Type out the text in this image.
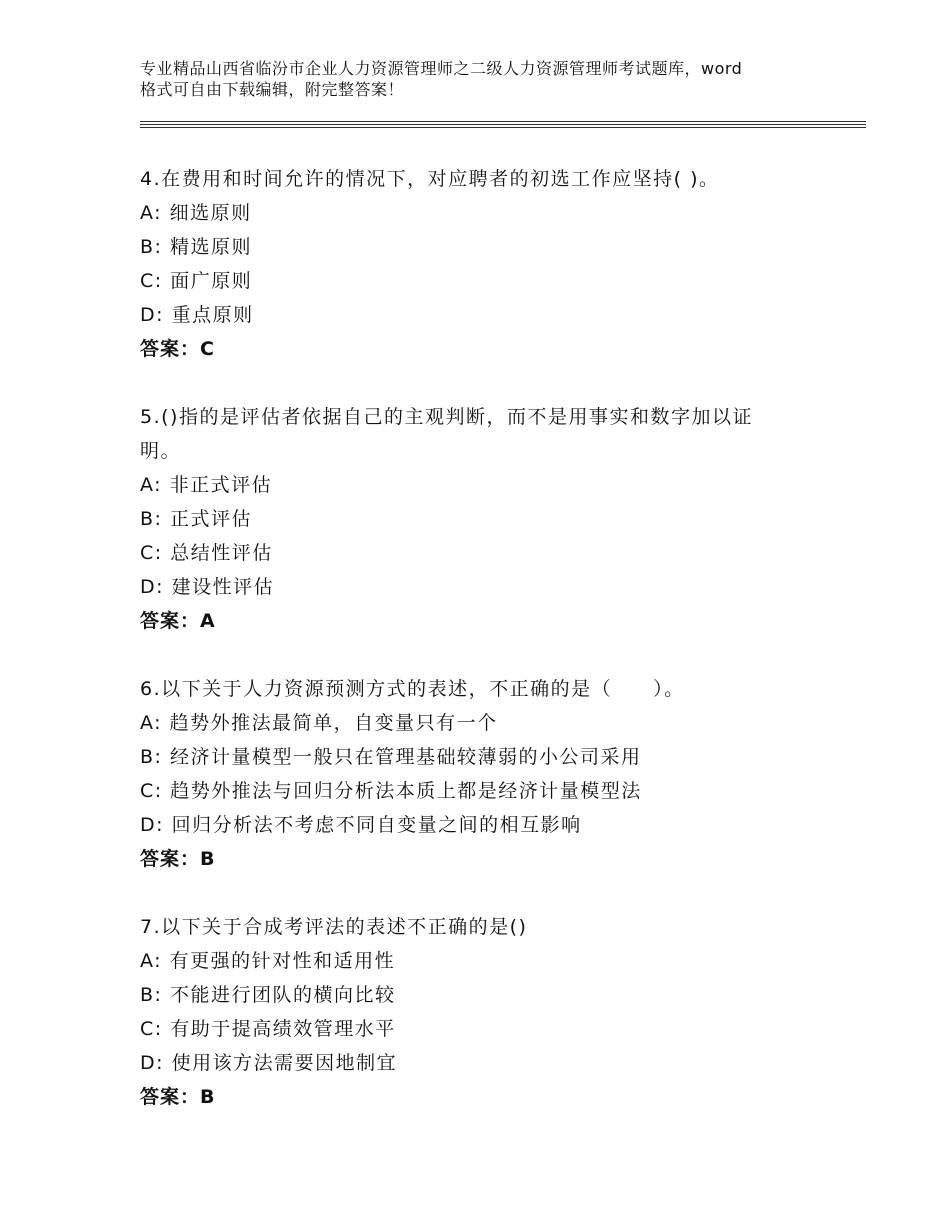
专业精品山西省临汾市企业人力资源管理师之二级人力资源管理师考试题库，word
格式可自由下载编辑，附完整答案！
4.在费用和时间允许的情况下，对应聘者的初选工作应坚持( )。
A: 细选原则
B: 精选原则
C: 面广原则
D: 重点原则
答案：C
5.()指的是评估者依据自己的主观判断，而不是用事实和数字加以证
明。
A: 非正式评估
B: 正式评估
C: 总结性评估
D: 建设性评估
答案：A
6.以下关于人力资源预测方式的表述，不正确的是（　　）。
A: 趋势外推法最简单，自变量只有一个
B: 经济计量模型一般只在管理基础较薄弱的小公司采用
C: 趋势外推法与回归分析法本质上都是经济计量模型法
D: 回归分析法不考虑不同自变量之间的相互影响
答案：B
7.以下关于合成考评法的表述不正确的是()
A: 有更强的针对性和适用性
B: 不能进行团队的横向比较
C: 有助于提高绩效管理水平
D: 使用该方法需要因地制宜
答案：B
